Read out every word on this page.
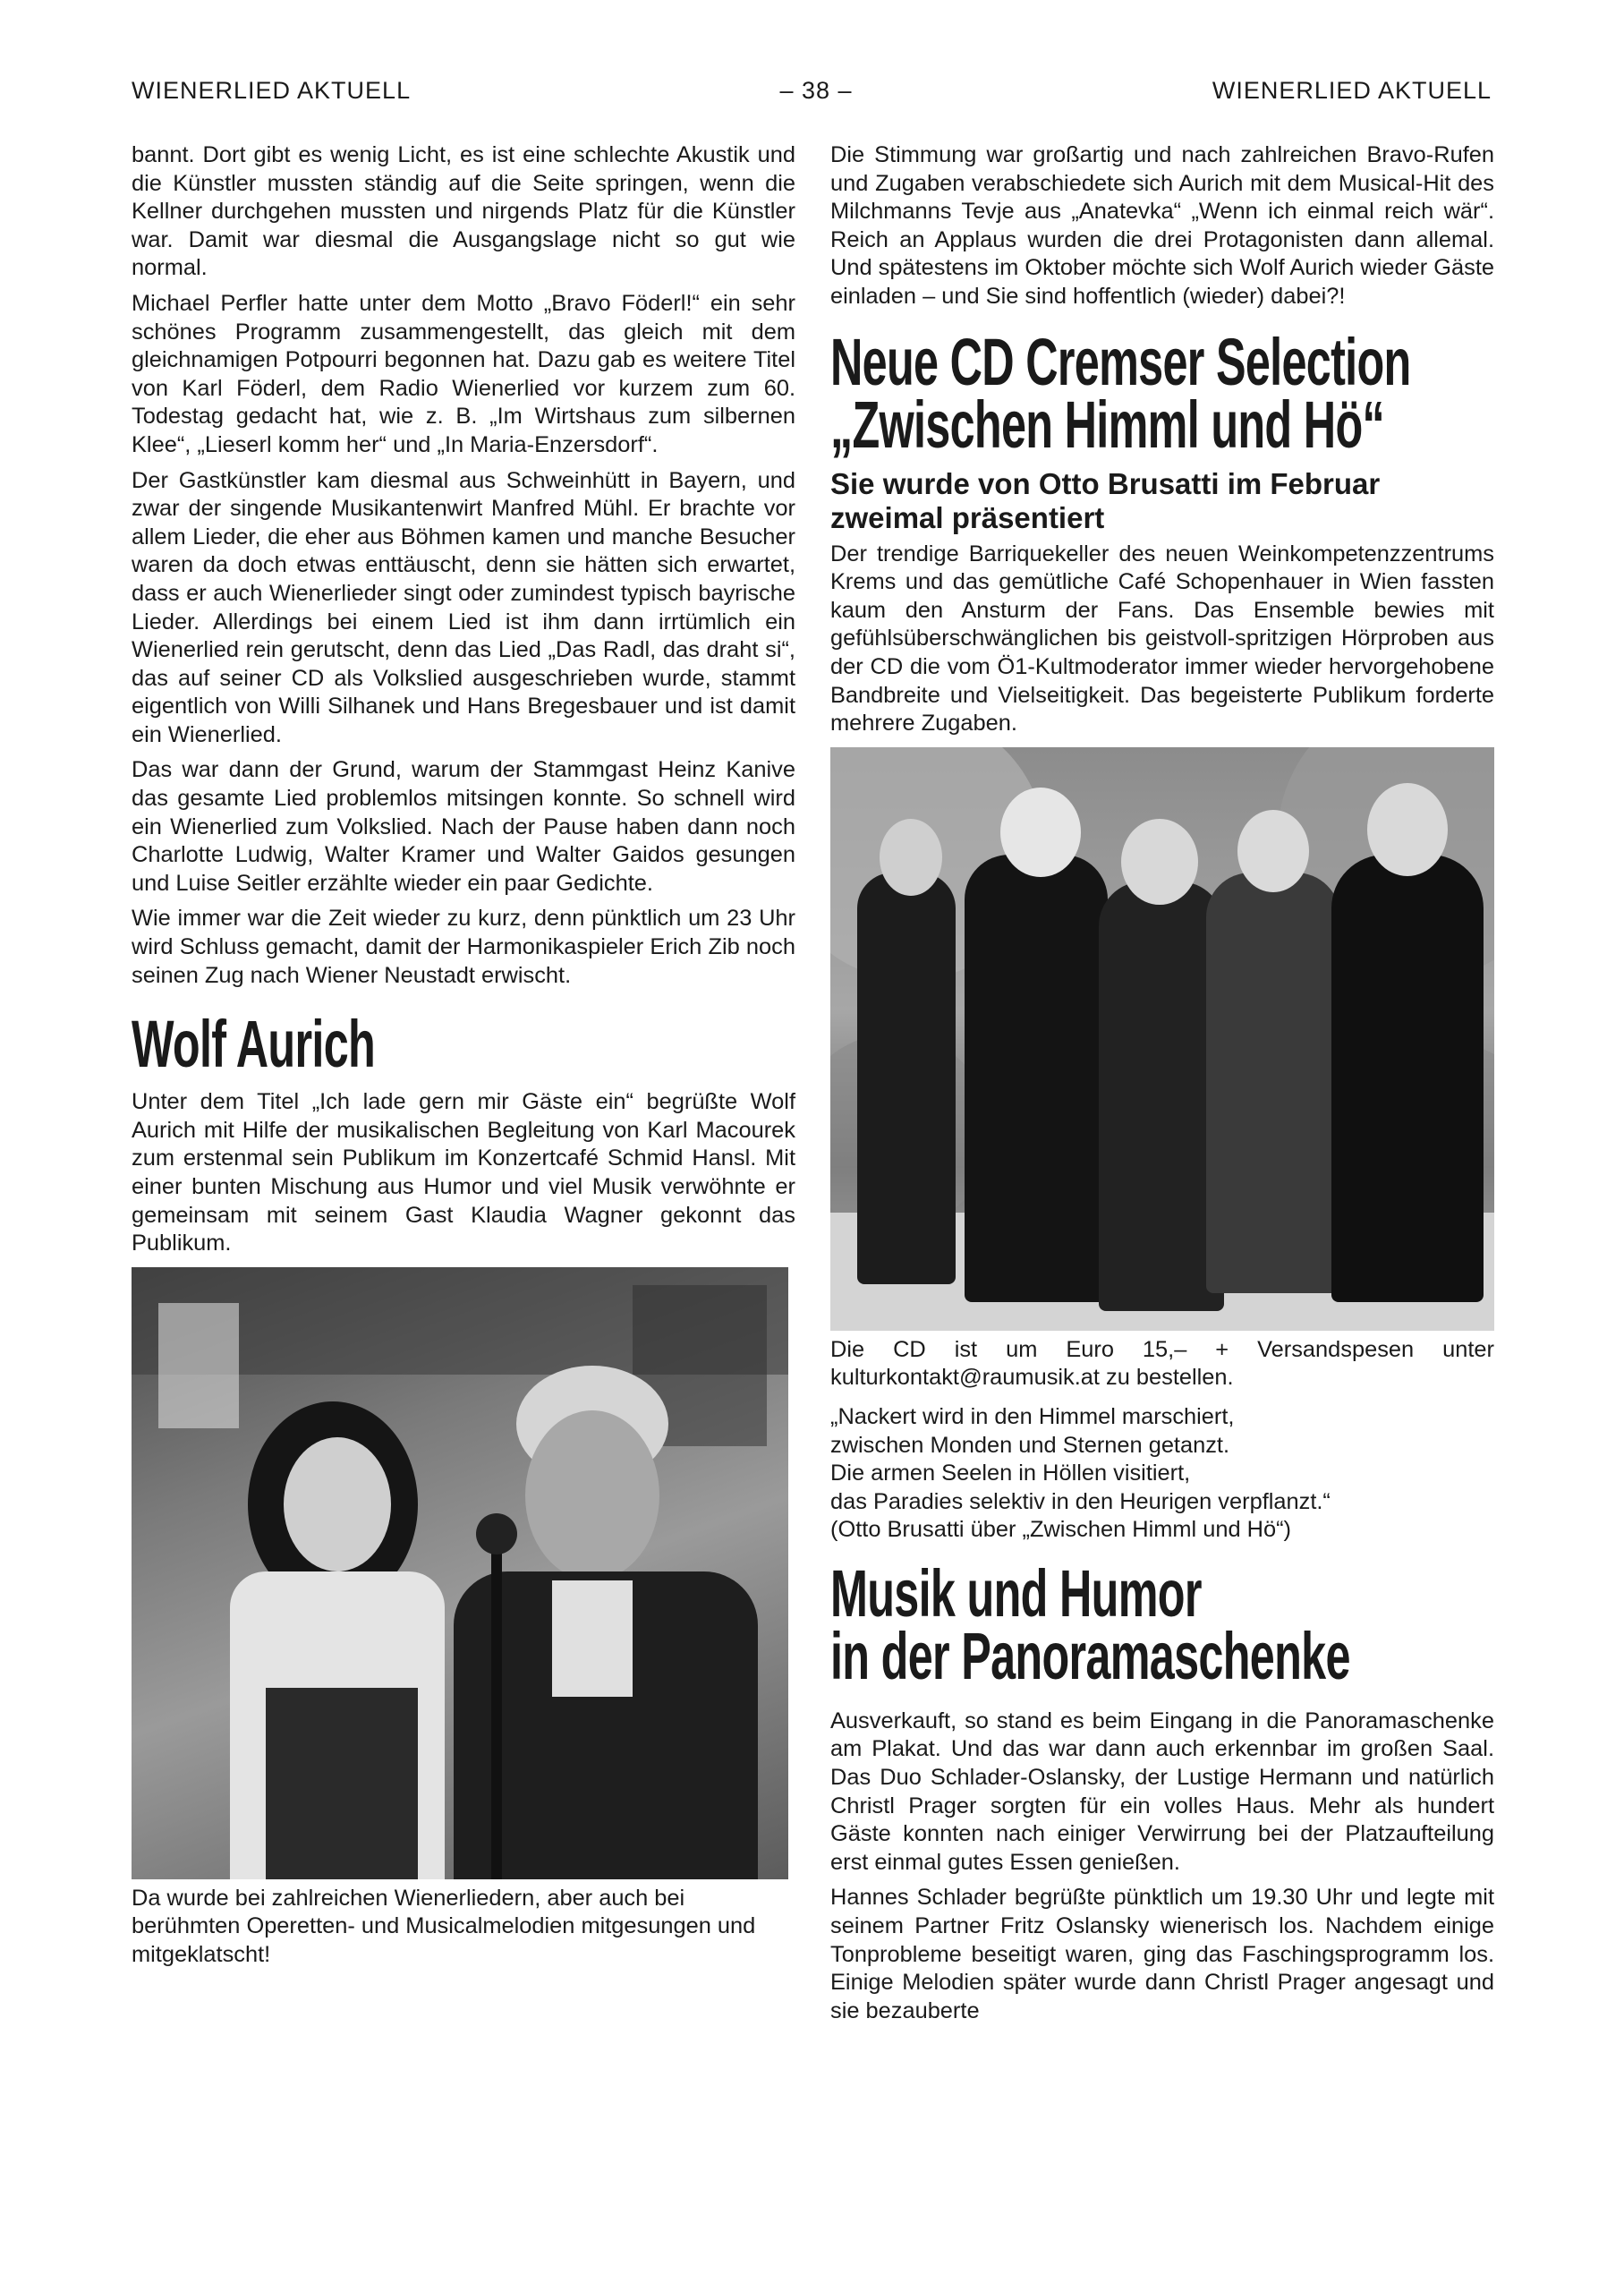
WIENERLIED AKTUELL	– 38 –	WIENERLIED AKTUELL

bannt. Dort gibt es wenig Licht, es ist eine schlechte Akustik und die Künstler mussten ständig auf die Seite springen, wenn die Kellner durchgehen mussten und nirgends Platz für die Künstler war. Damit war diesmal die Ausgangslage nicht so gut wie normal.

Michael Perfler hatte unter dem Motto „Bravo Föderl!“ ein sehr schönes Programm zusammengestellt, das gleich mit dem gleichnamigen Potpourri begonnen hat. Dazu gab es weitere Titel von Karl Föderl, dem Radio Wienerlied vor kurzem zum 60. Todestag gedacht hat, wie z. B. „Im Wirtshaus zum silbernen Klee“, „Lieserl komm her“ und „In Maria-Enzersdorf“.

Der Gastkünstler kam diesmal aus Schweinhütt in Bayern, und zwar der singende Musikantenwirt Manfred Mühl. Er brachte vor allem Lieder, die eher aus Böhmen kamen und manche Besucher waren da doch etwas enttäuscht, denn sie hätten sich erwartet, dass er auch Wienerlieder singt oder zumindest typisch bayrische Lieder. Allerdings bei einem Lied ist ihm dann irrtümlich ein Wienerlied rein gerutscht, denn das Lied „Das Radl, das draht si“, das auf seiner CD als Volkslied ausgeschrieben wurde, stammt eigentlich von Willi Silhanek und Hans Bregesbauer und ist damit ein Wienerlied.

Das war dann der Grund, warum der Stammgast Heinz Kanive das gesamte Lied problemlos mitsingen konnte. So schnell wird ein Wienerlied zum Volkslied. Nach der Pause haben dann noch Charlotte Ludwig, Walter Kramer und Walter Gaidos gesungen und Luise Seitler erzählte wieder ein paar Gedichte.

Wie immer war die Zeit wieder zu kurz, denn pünktlich um 23 Uhr wird Schluss gemacht, damit der Harmonikaspieler Erich Zib noch seinen Zug nach Wiener Neustadt erwischt.

Wolf Aurich

Unter dem Titel „Ich lade gern mir Gäste ein“ begrüßte Wolf Aurich mit Hilfe der musikalischen Begleitung von Karl Macourek zum erstenmal sein Publikum im Konzertcafé Schmid Hansl. Mit einer bunten Mischung aus Humor und viel Musik verwöhnte er gemeinsam mit seinem Gast Klaudia Wagner gekonnt das Publikum.

Da wurde bei zahlreichen Wienerliedern, aber auch bei berühmten Operetten- und Musicalmelodien mitgesungen und mitgeklatscht!

Die Stimmung war großartig und nach zahlreichen Bravo-Rufen und Zugaben verabschiedete sich Aurich mit dem Musical-Hit des Milchmanns Tevje aus „Anatevka“ „Wenn ich einmal reich wär“. Reich an Applaus wurden die drei Protagonisten dann allemal. Und spätestens im Oktober möchte sich Wolf Aurich wieder Gäste einladen – und Sie sind hoffentlich (wieder) dabei?!

Neue CD Cremser Selection
„Zwischen Himml und Hö“
Sie wurde von Otto Brusatti im Februar zweimal präsentiert

Der trendige Barriquekeller des neuen Weinkompetenzzentrums Krems und das gemütliche Café Schopenhauer in Wien fassten kaum den Ansturm der Fans. Das Ensemble bewies mit gefühlsüberschwänglichen bis geistvoll-spritzigen Hörproben aus der CD die vom Ö1-Kultmoderator immer wieder hervorgehobene Bandbreite und Vielseitigkeit. Das begeisterte Publikum forderte mehrere Zugaben.

Die CD ist um Euro 15,– + Versandspesen unter kulturkontakt@raumusik.at zu bestellen.

„Nackert wird in den Himmel marschiert,

zwischen Monden und Sternen getanzt.

Die armen Seelen in Höllen visitiert,

das Paradies selektiv in den Heurigen verpflanzt.“

(Otto Brusatti über „Zwischen Himml und Hö“)

Musik und Humor
in der Panoramaschenke

Ausverkauft, so stand es beim Eingang in die Panoramaschenke am Plakat. Und das war dann auch erkennbar im großen Saal. Das Duo Schlader-Oslansky, der Lustige Hermann und natürlich Christl Prager sorgten für ein volles Haus. Mehr als hundert Gäste konnten nach einiger Verwirrung bei der Platzaufteilung erst einmal gutes Essen genießen.

Hannes Schlader begrüßte pünktlich um 19.30 Uhr und legte mit seinem Partner Fritz Oslansky wienerisch los. Nachdem einige Tonprobleme beseitigt waren, ging das Faschingsprogramm los. Einige Melodien später wurde dann Christl Prager angesagt und sie bezauberte
